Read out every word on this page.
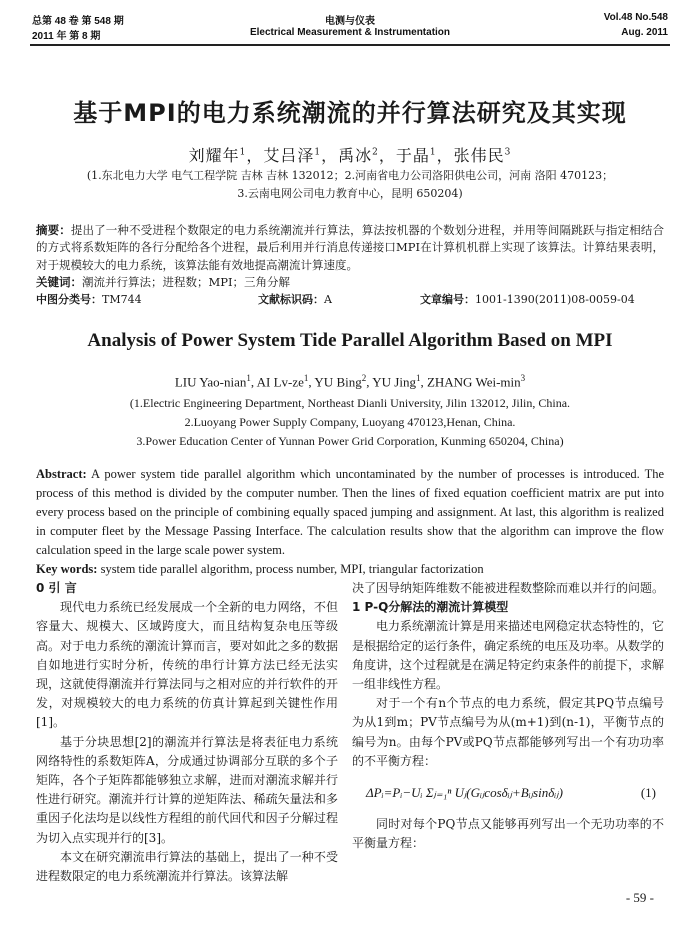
总第 48 卷 第 548 期
2011 年 第 8 期
电测与仪表
Electrical Measurement & Instrumentation
Vol.48 No.548
Aug. 2011
基于MPI的电力系统潮流的并行算法研究及其实现
刘耀年$^1$，艾吕泽$^1$，禹冰$^2$，于晶$^1$，张伟民$^3$
(1.东北电力大学 电气工程学院 吉林 吉林 132012；2.河南省电力公司洛阳供电公司，河南 洛阳 470123；
3.云南电网公司电力教育中心，昆明 650204)
摘要：提出了一种不受进程个数限定的电力系统潮流并行算法，算法按机器的个数划分进程，并用等间隔跳跃与指定相结合的方式将系数矩阵的各行分配给各个进程，最后利用并行消息传递接口MPI在计算机机群上实现了该算法。计算结果表明，对于规模较大的电力系统，该算法能有效地提高潮流计算速度。
关键词：潮流并行算法；进程数；MPI；三角分解
中图分类号：TM744	文献标识码：A	文章编号：1001-1390(2011)08-0059-04
Analysis of Power System Tide Parallel Algorithm Based on MPI
LIU Yao-nian$^1$, AI $Lv-ze^1$, YU Bing$^2$, YU Jing$^1$, ZHANG Wei-$\min^3$
(1.Electric Engineering Department, Northeast Dianli University, Jilin 132012, Jilin, China.
2.Luoyang Power Supply Company, Luoyang 470123,Henan, China.
3.Power Education Center of Yunnan Power Grid Corporation, Kunming 650204, China)
Abstract: A power system tide parallel algorithm which uncontaminated by the number of processes is introduced. The process of this method is divided by the computer number. Then the lines of fixed equation coefficient matrix are put into every process based on the principle of combining equally spaced jumping and assignment. At last, this algorithm is realized in computer fleet by the Message Passing Interface. The calculation results show that the algorithm can improve the flow calculation speed in the large scale power system.
Key words: system tide parallel algorithm, process number, MPI, triangular factorization
0 引 言

现代电力系统已经发展成一个全新的电力网络，不但容量大、规模大、区域跨度大，而且结构复杂电压等级高。对于电力系统的潮流计算而言，要对如此之多的数据自如地进行实时分析，传统的串行计算方法已经无法实现，这就使得潮流并行算法同与之相对应的并行软件的开发，对规模较大的电力系统的仿真计算起到关键性作用[1]。

基于分块思想[2]的潮流并行算法是将表征电力系统网络特性的系数矩阵A，分成通过协调部分互联的多个子矩阵，各个子矩阵都能够独立求解，进而对潮流求解并行性进行研究。潮流并行计算的逆矩阵法、稀疏矢量法和多重因子化法均是以线性方程组的前代回代和因子分解过程为切入点实现并行的[3]。

本文在研究潮流串行算法的基础上，提出了一种不受进程数限定的电力系统潮流并行算法。该算法解

决了因导纳矩阵维数不能被进程数整除而难以并行的问题。

1 P-Q分解法的潮流计算模型

电力系统潮流计算是用来描述电网稳定状态特性的，它是根据给定的运行条件，确定系统的电压及功率。从数学的角度讲，这个过程就是在满足特定约束条件的前提下，求解一组非线性方程。

对于一个有n个节点的电力系统，假定其PQ节点编号为从1到m；PV节点编号为从(m+1)到(n-1)，平衡节点的编号为n。由每个PV或PQ节点都能够列写出一个有功功率的不平衡方程：

ΔPᵢ=Pᵢ−Uᵢ Σⱼ₌₁ⁿ Uⱼ(Gᵢⱼcosδᵢⱼ+Bᵢⱼsinδᵢⱼ)	(1)

同时对每个PQ节点又能够再列写出一个无功功率的不平衡量方程：

- 59 -
